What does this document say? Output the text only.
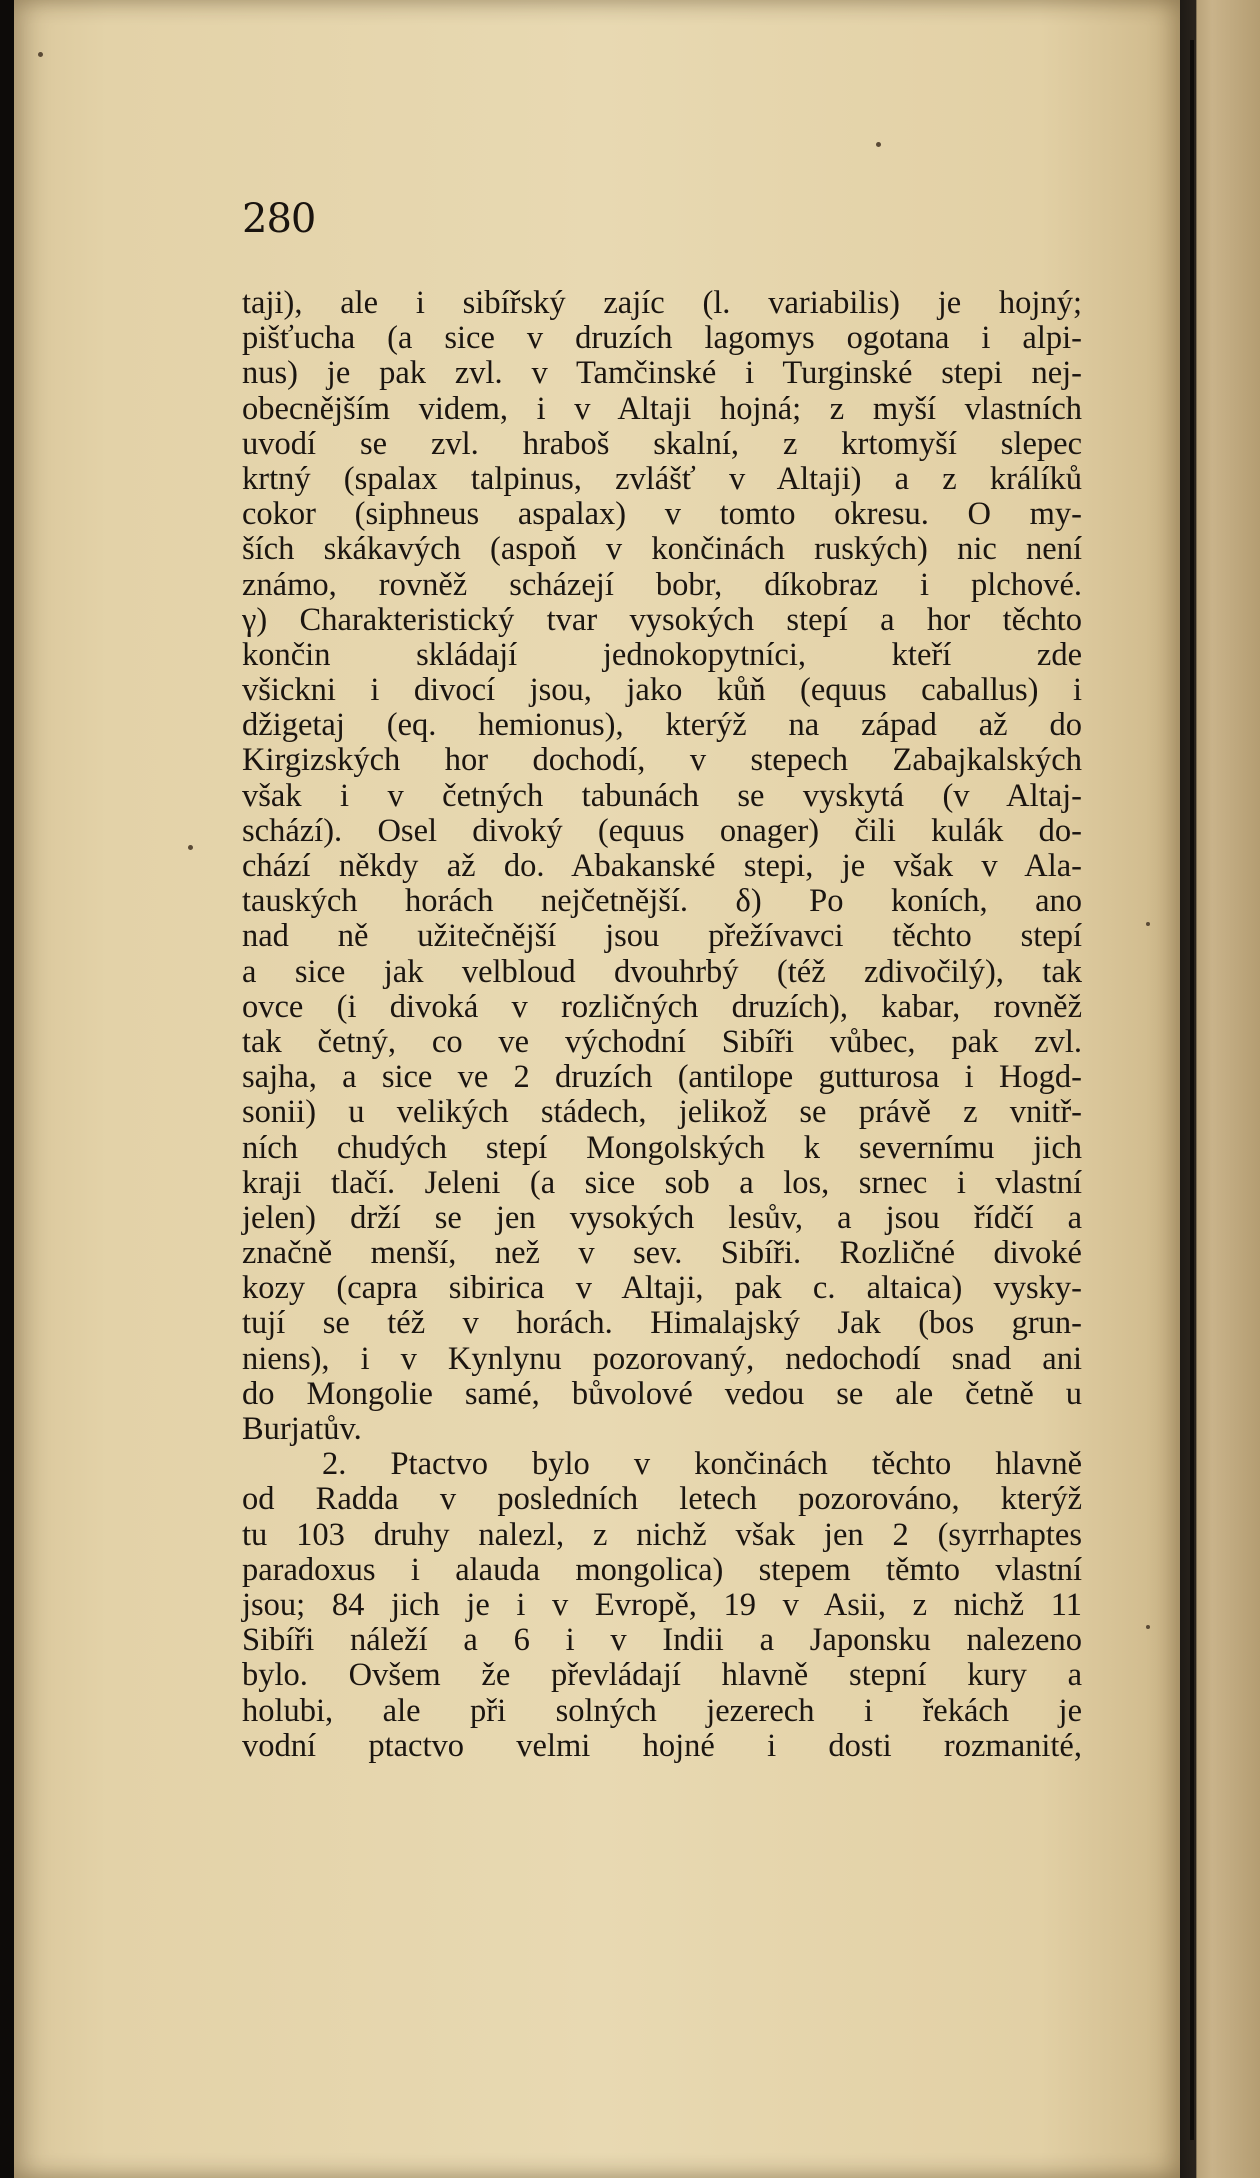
280
taji), ale i sibířský zajíc (l. variabilis) je hojný;
pišťucha (a sice v druzích lagomys ogotana i alpi-
nus) je pak zvl. v Tamčinské i Turginské stepi nej-
obecnějším videm, i v Altaji hojná; z myší vlastních
uvodí se zvl. hraboš skalní, z krtomyší slepec
krtný (spalax talpinus, zvlášť v Altaji) a z králíků
cokor (siphneus aspalax) v tomto okresu. O my-
ších skákavých (aspoň v končinách ruských) nic není
známo, rovněž scházejí bobr, díkobraz i plchové.
γ) Charakteristický tvar vysokých stepí a hor těchto
končin skládají jednokopytníci, kteří zde
všickni i divocí jsou, jako kůň (equus caballus) i
džigetaj (eq. hemionus), kterýž na západ až do
Kirgizských hor dochodí, v stepech Zabajkalských
však i v četných tabunách se vyskytá (v Altaj-
schází). Osel divoký (equus onager) čili kulák do-
chází někdy až do. Abakanské stepi, je však v Ala-
tauských horách nejčetnější. δ) Po koních, ano
nad ně užitečnější jsou přežívavci těchto stepí
a sice jak velbloud dvouhrbý (též zdivočilý), tak
ovce (i divoká v rozličných druzích), kabar, rovněž
tak četný, co ve východní Sibíři vůbec, pak zvl.
sajha, a sice ve 2 druzích (antilope gutturosa i Hogd-
sonii) u velikých stádech, jelikož se právě z vnitř-
ních chudých stepí Mongolských k severnímu jich
kraji tlačí. Jeleni (a sice sob a los, srnec i vlastní
jelen) drží se jen vysokých lesův, a jsou řídčí a
značně menší, než v sev. Sibíři. Rozličné divoké
kozy (capra sibirica v Altaji, pak c. altaica) vysky-
tují se též v horách. Himalajský Jak (bos grun-
niens), i v Kynlynu pozorovaný, nedochodí snad ani
do Mongolie samé, bůvolové vedou se ale četně u
Burjatův.
2. Ptactvo bylo v končinách těchto hlavně
od Radda v posledních letech pozorováno, kterýž
tu 103 druhy nalezl, z nichž však jen 2 (syrrhaptes
paradoxus i alauda mongolica) stepem těmto vlastní
jsou; 84 jich je i v Evropě, 19 v Asii, z nichž 11
Sibíři náleží a 6 i v Indii a Japonsku nalezeno
bylo. Ovšem že převládají hlavně stepní kury a
holubi, ale při solných jezerech i řekách je
vodní ptactvo velmi hojné i dosti rozmanité,
